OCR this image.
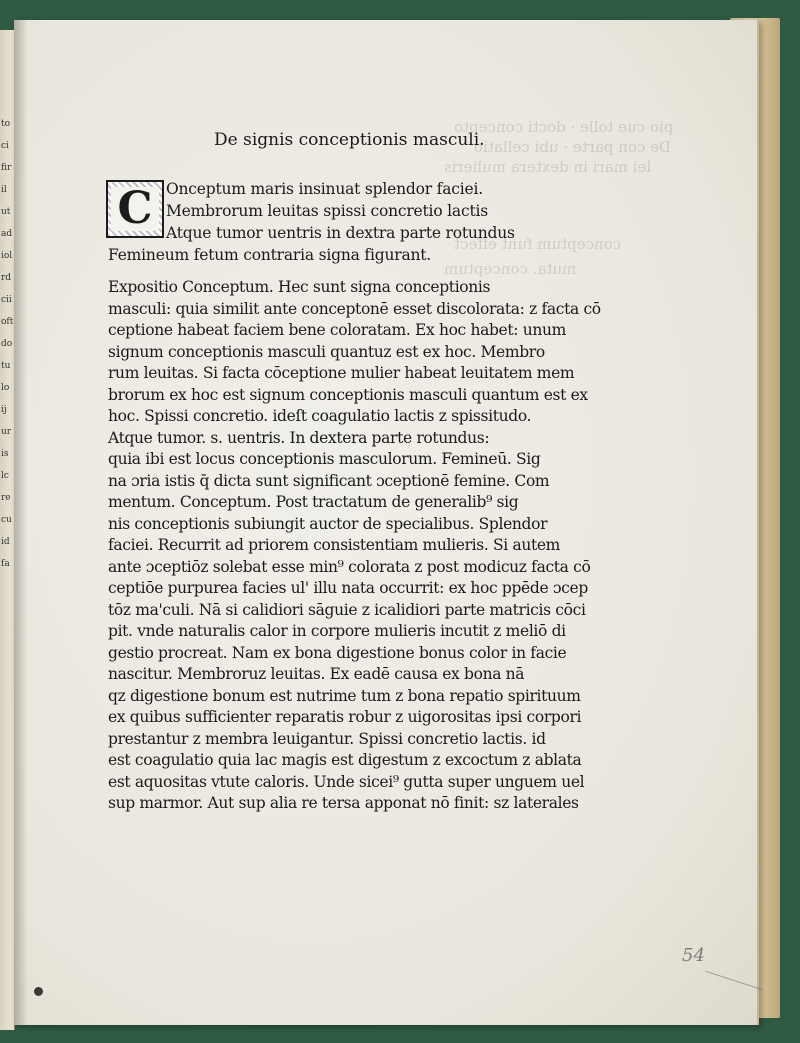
to
ci
fir
il
ut
ad
iol
rd
cii
oft
do
tu
lo
ij
ur
is
lc
re
cu
id
fa
pio cue tolle · docti concepto
De con parte · ubi cellatio
lei mari in dextera mulieris
conceptum funt effect
muta. conceptum
De signis conceptionis masculi.
C Onceptum maris insinuat splendor faciei.
Membrorum leuitas spissi concretio lactis
Atque tumor uentris in dextra parte rotundus
Femineum fetum contraria signa figurant.
Expositio Conceptum. Hec sunt signa conceptionis
masculi: quia similit ante conceptonē esset discolorata: z facta cō
ceptione habeat faciem bene coloratam. Ex hoc habet: unum
signum conceptionis masculi quantuz est ex hoc. Membro
rum leuitas. Si facta cōceptione mulier habeat leuitatem mem
brorum ex hoc est signum conceptionis masculi quantum est ex
hoc. Spissi concretio. ideſt coagulatio lactis z spissitudo.
Atque tumor. s. uentris. In dextera parte rotundus:
quia ibi est locus conceptionis masculorum. Femineū. Sig
na ɔria istis q̄ dicta sunt significant ɔceptionē femine. Com
mentum. Conceptum. Post tractatum de generalib⁹ sig
nis conceptionis subiungit auctor de specialibus. Splendor
faciei. Recurrit ad priorem consistentiam mulieris. Si autem
ante ɔceptiōz solebat esse min⁹ colorata z post modicuz facta cō
ceptiōe purpurea facies ul' illu nata occurrit: ex hoc ppēde ɔcep
tōz ma'culi. Nā si calidiori sāguie z icalidiori parte matricis cōci
pit. vnde naturalis calor in corpore mulieris incutit z meliō di
gestio procreat. Nam ex bona digestione bonus color in facie
nascitur. Membroruz leuitas. Ex eadē causa ex bona nā
qz digestione bonum est nutrime tum z bona repatio spirituum
ex quibus sufficienter reparatis robur z uigorositas ipsi corpori
prestantur z membra leuigantur. Spissi concretio lactis. id
est coagulatio quia lac magis est digestum z excoctum z ablata
est aquositas vtute caloris. Unde sicei⁹ gutta super unguem uel
sup marmor. Aut sup alia re tersa apponat nō finit: sz laterales
54
